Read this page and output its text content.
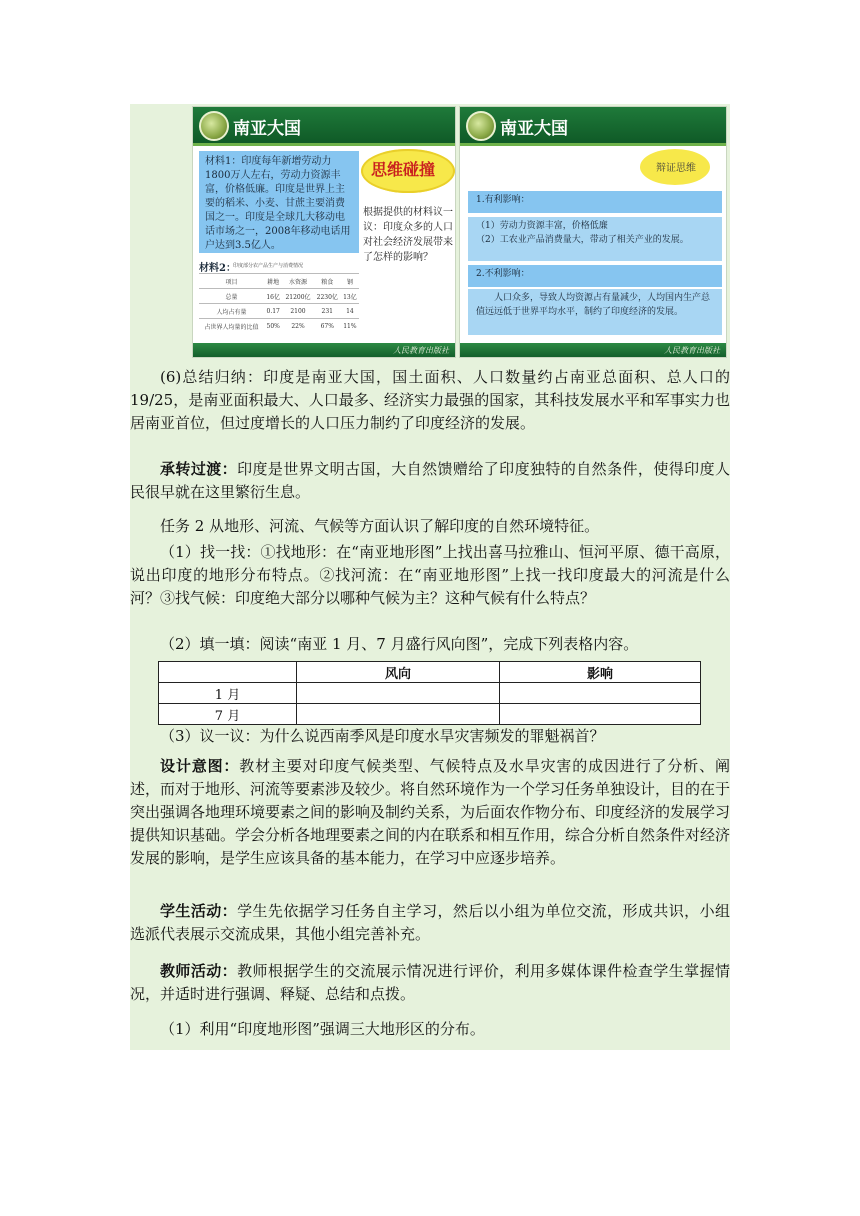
南亚大国
材料1：印度每年新增劳动力1800万人左右，劳动力资源丰富，价格低廉。印度是世界上主要的稻米、小麦、甘蔗主要消费国之一。印度是全球几大移动电话市场之一，2008年移动电话用户达到3.5亿人。
思维碰撞
根据提供的材料议一议：印度众多的人口对社会经济发展带来了怎样的影响？
材料2：
印度部分农产品生产与消费情况
项目	耕地	水资源	粮食	钢
总量	16亿	21200亿	2230亿	13亿
人均占有量	0.17	2100	231	14
占世界人均量的比值	50%	22%	67%	11%
人民教育出版社
南亚大国
辩证思维
1.有利影响：
（1）劳动力资源丰富，价格低廉
（2）工农业产品消费量大，带动了相关产业的发展。
2.不利影响：
人口众多，导致人均资源占有量减少，人均国内生产总值远远低于世界平均水平，制约了印度经济的发展。
人民教育出版社

(6)总结归纳：印度是南亚大国，国土面积、人口数量约占南亚总面积、总人口的 19/25，是南亚面积最大、人口最多、经济实力最强的国家，其科技发展水平和军事实力也居南亚首位，但过度增长的人口压力制约了印度经济的发展。

承转过渡：印度是世界文明古国，大自然馈赠给了印度独特的自然条件，使得印度人民很早就在这里繁衍生息。

任务 2 从地形、河流、气候等方面认识了解印度的自然环境特征。

（1）找一找：①找地形：在“南亚地形图”上找出喜马拉雅山、恒河平原、德干高原，说出印度的地形分布特点。②找河流：在“南亚地形图”上找一找印度最大的河流是什么河？③找气候：印度绝大部分以哪种气候为主？这种气候有什么特点？

（2）填一填：阅读“南亚 1 月、7 月盛行风向图”，完成下列表格内容。

	风向	影响
1 月		
7 月		

（3）议一议：为什么说西南季风是印度水旱灾害频发的罪魁祸首？

设计意图：教材主要对印度气候类型、气候特点及水旱灾害的成因进行了分析、阐述，而对于地形、河流等要素涉及较少。将自然环境作为一个学习任务单独设计，目的在于突出强调各地理环境要素之间的影响及制约关系，为后面农作物分布、印度经济的发展学习提供知识基础。学会分析各地理要素之间的内在联系和相互作用，综合分析自然条件对经济发展的影响，是学生应该具备的基本能力，在学习中应逐步培养。

学生活动：学生先依据学习任务自主学习，然后以小组为单位交流，形成共识，小组选派代表展示交流成果，其他小组完善补充。

教师活动：教师根据学生的交流展示情况进行评价，利用多媒体课件检查学生掌握情况，并适时进行强调、释疑、总结和点拨。

（1）利用“印度地形图”强调三大地形区的分布。
